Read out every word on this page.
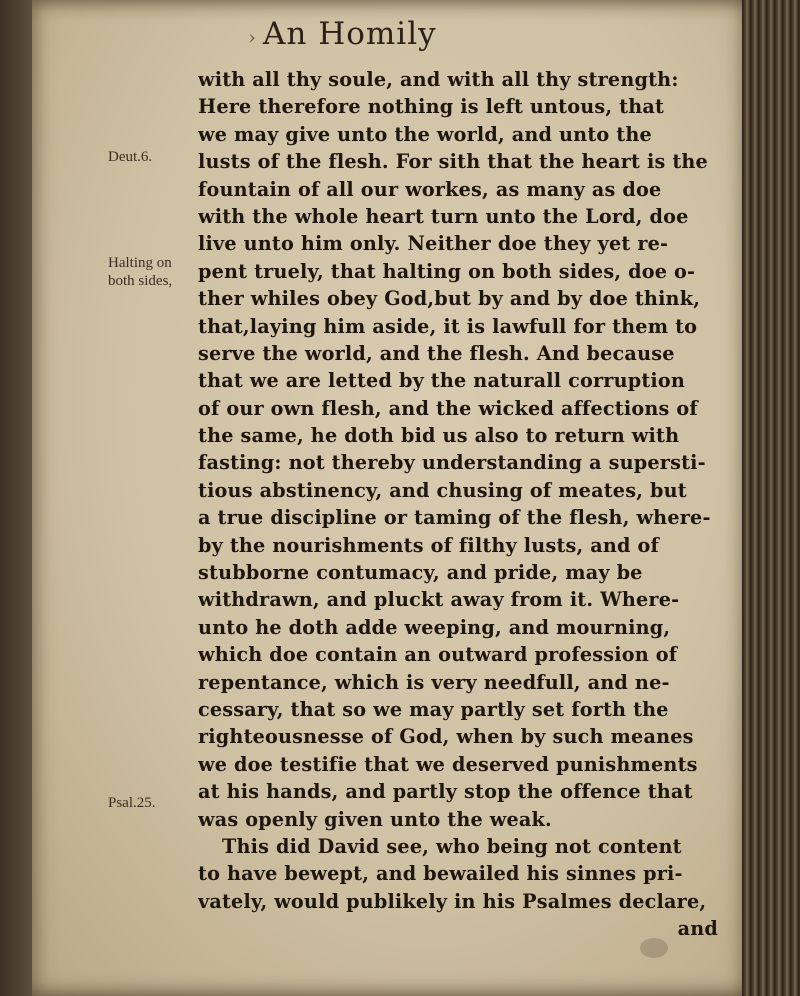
› An Homily
Deut.6.
Halting on
both sides,
Psal.25.
with all thy soule, and with all thy strength:
Here therefore nothing is left untous, that
we may give unto the world, and unto the
lusts of the flesh. For sith that the heart is the
fountain of all our workes, as many as doe
with the whole heart turn unto the Lord, doe
live unto him only. Neither doe they yet re-
pent truely, that halting on both sides, doe o-
ther whiles obey God,but by and by doe think,
that,laying him aside, it is lawfull for them to
serve the world, and the flesh. And because
that we are letted by the naturall corruption
of our own flesh, and the wicked affections of
the same, he doth bid us also to return with
fasting: not thereby understanding a supersti-
tious abstinency, and chusing of meates, but
a true discipline or taming of the flesh, where-
by the nourishments of filthy lusts, and of
stubborne contumacy, and pride, may be
withdrawn, and pluckt away from it. Where-
unto he doth adde weeping, and mourning,
which doe contain an outward profession of
repentance, which is very needfull, and ne-
cessary, that so we may partly set forth the
righteousnesse of God, when by such meanes
we doe testifie that we deserved punishments
at his hands, and partly stop the offence that
was openly given unto the weak.
This did David see, who being not content
to have bewept, and bewailed his sinnes pri-
vately, would publikely in his Psalmes declare,
and
